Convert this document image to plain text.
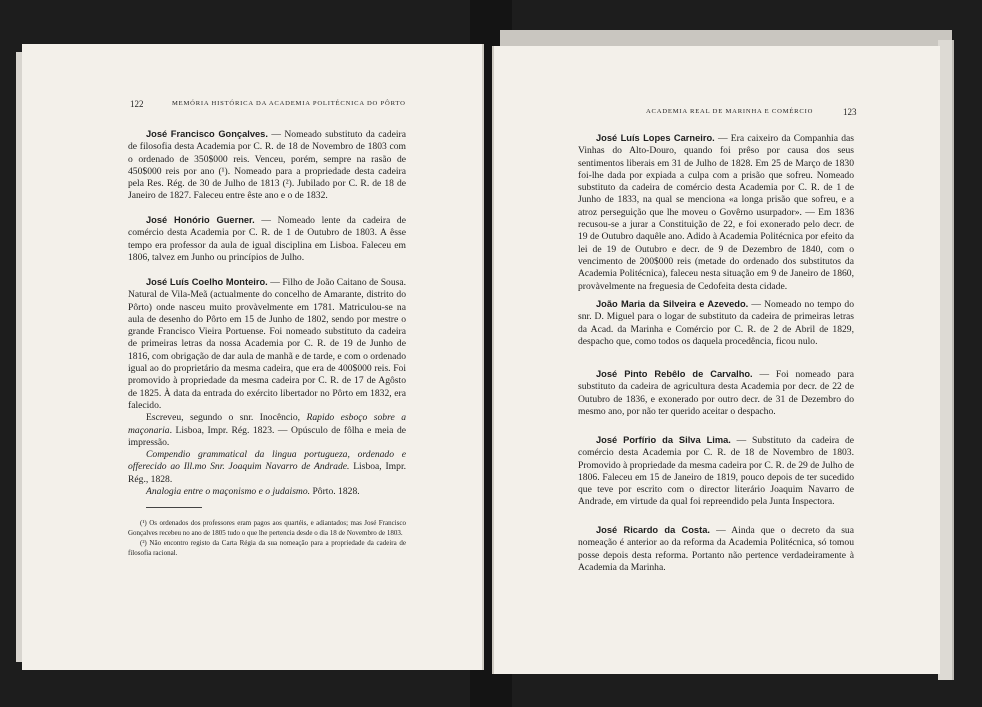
122	MEMÓRIA HISTÓRICA DA ACADEMIA POLITÉCNICA DO PÔRTO

José Francisco Gonçalves. — Nomeado substituto da cadeira de filosofia desta Academia por C. R. de 18 de Novembro de 1803 com o ordenado de 350$000 reis. Venceu, porém, sempre na rasão de 450$000 reis por ano (¹). Nomeado para a propriedade desta cadeira pela Res. Rég. de 30 de Julho de 1813 (²). Jubilado por C. R. de 18 de Janeiro de 1827. Faleceu entre êste ano e o de 1832.

José Honório Guerner. — Nomeado lente da cadeira de comércio desta Academia por C. R. de 1 de Outubro de 1803. A êsse tempo era professor da aula de igual disciplina em Lisboa. Faleceu em 1806, talvez em Junho ou princípios de Julho.

José Luís Coelho Monteiro. — Filho de João Caitano de Sousa. Natural de Vila-Meã (actualmente do concelho de Amarante, distrito do Pôrto) onde nasceu muito provàvelmente em 1781. Matriculou-se na aula de desenho do Pôrto em 15 de Junho de 1802, sendo por mestre o grande Francisco Vieira Portuense. Foi nomeado substituto da cadeira de primeiras letras da nossa Academia por C. R. de 19 de Junho de 1816, com obrigação de dar aula de manhã e de tarde, e com o ordenado igual ao do proprietário da mesma cadeira, que era de 400$000 reis. Foi promovido à propriedade da mesma cadeira por C. R. de 17 de Agôsto de 1825. À data da entrada do exército libertador no Pôrto em 1832, era falecido.

Escreveu, segundo o snr. Inocêncio, Rapido esboço sobre a maçonaria. Lisboa, Impr. Rég. 1823. — Opúsculo de fôlha e meia de impressão.

Compendio grammatical da lingua portugueza, ordenado e offerecido ao Ill.mo Snr. Joaquim Navarro de Andrade. Lisboa, Impr. Rég., 1828.

Analogia entre o maçonismo e o judaismo. Pôrto. 1828.

(¹) Os ordenados dos professores eram pagos aos quartéis, e adiantados; mas José Francisco Gonçalves recebeu no ano de 1805 tudo o que lhe pertencia desde o dia 18 de Novembro de 1803.

(²) Não encontro registo da Carta Régia da sua nomeação para a propriedade da cadeira de filosofia racional.

ACADEMIA REAL DE MARINHA E COMÉRCIO	123

José Luís Lopes Carneiro. — Era caixeiro da Companhia das Vinhas do Alto-Douro, quando foi prêso por causa dos seus sentimentos liberais em 31 de Julho de 1828. Em 25 de Março de 1830 foi-lhe dada por expiada a culpa com a prisão que sofreu. Nomeado substituto da cadeira de comércio desta Academia por C. R. de 1 de Junho de 1833, na qual se menciona «a longa prisão que sofreu, e a atroz perseguição que lhe moveu o Govêrno usurpador». — Em 1836 recusou-se a jurar a Constituição de 22, e foi exonerado pelo decr. de 19 de Outubro daquêle ano. Adido à Academia Politécnica por efeito da lei de 19 de Outubro e decr. de 9 de Dezembro de 1840, com o vencimento de 200$000 reis (metade do ordenado dos substitutos da Academia Politécnica), faleceu nesta situação em 9 de Janeiro de 1860, provàvelmente na freguesia de Cedofeita desta cidade.

João Maria da Silveira e Azevedo. — Nomeado no tempo do snr. D. Miguel para o logar de substituto da cadeira de primeiras letras da Acad. da Marinha e Comércio por C. R. de 2 de Abril de 1829, despacho que, como todos os daquela procedência, ficou nulo.

José Pinto Rebêlo de Carvalho. — Foi nomeado para substituto da cadeira de agricultura desta Academia por decr. de 22 de Outubro de 1836, e exonerado por outro decr. de 31 de Dezembro do mesmo ano, por não ter querido aceitar o despacho.

José Porfírio da Silva Lima. — Substituto da cadeira de comércio desta Academia por C. R. de 18 de Novembro de 1803. Promovido à propriedade da mesma cadeira por C. R. de 29 de Julho de 1806. Faleceu em 15 de Janeiro de 1819, pouco depois de ter sucedido que teve por escrito com o director literário Joaquim Navarro de Andrade, em virtude da qual foi repreendido pela Junta Inspectora.

José Ricardo da Costa. — Ainda que o decreto da sua nomeação é anterior ao da reforma da Academia Politécnica, só tomou posse depois desta reforma. Portanto não pertence verdadeiramente à Academia da Marinha.
